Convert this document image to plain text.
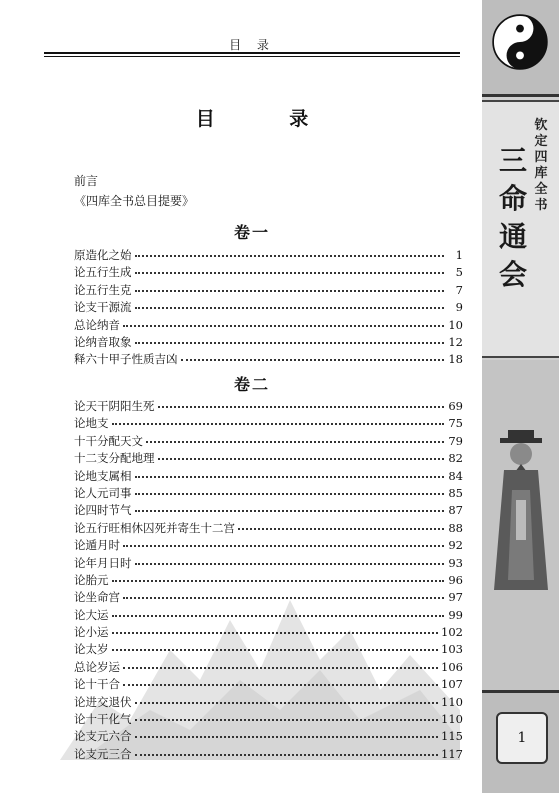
目 录
目 录
前言
《四库全书总目提要》
卷一
原造化之始	1
论五行生成	5
论五行生克	7
论支干源流	9
总论纳音	10
论纳音取象	12
释六十甲子性质吉凶	18
卷二
论天干阴阳生死	69
论地支	75
十干分配天文	79
十二支分配地理	82
论地支属相	84
论人元司事	85
论四时节气	87
论五行旺相休囚死并寄生十二宫	88
论遁月时	92
论年月日时	93
论胎元	96
论坐命宫	97
论大运	99
论小运	102
论太岁	103
总论岁运	106
论十干合	107
论进交退伏	110
论十干化气	110
论支元六合	115
论支元三合	117
钦定四库全书
三命通会
1
